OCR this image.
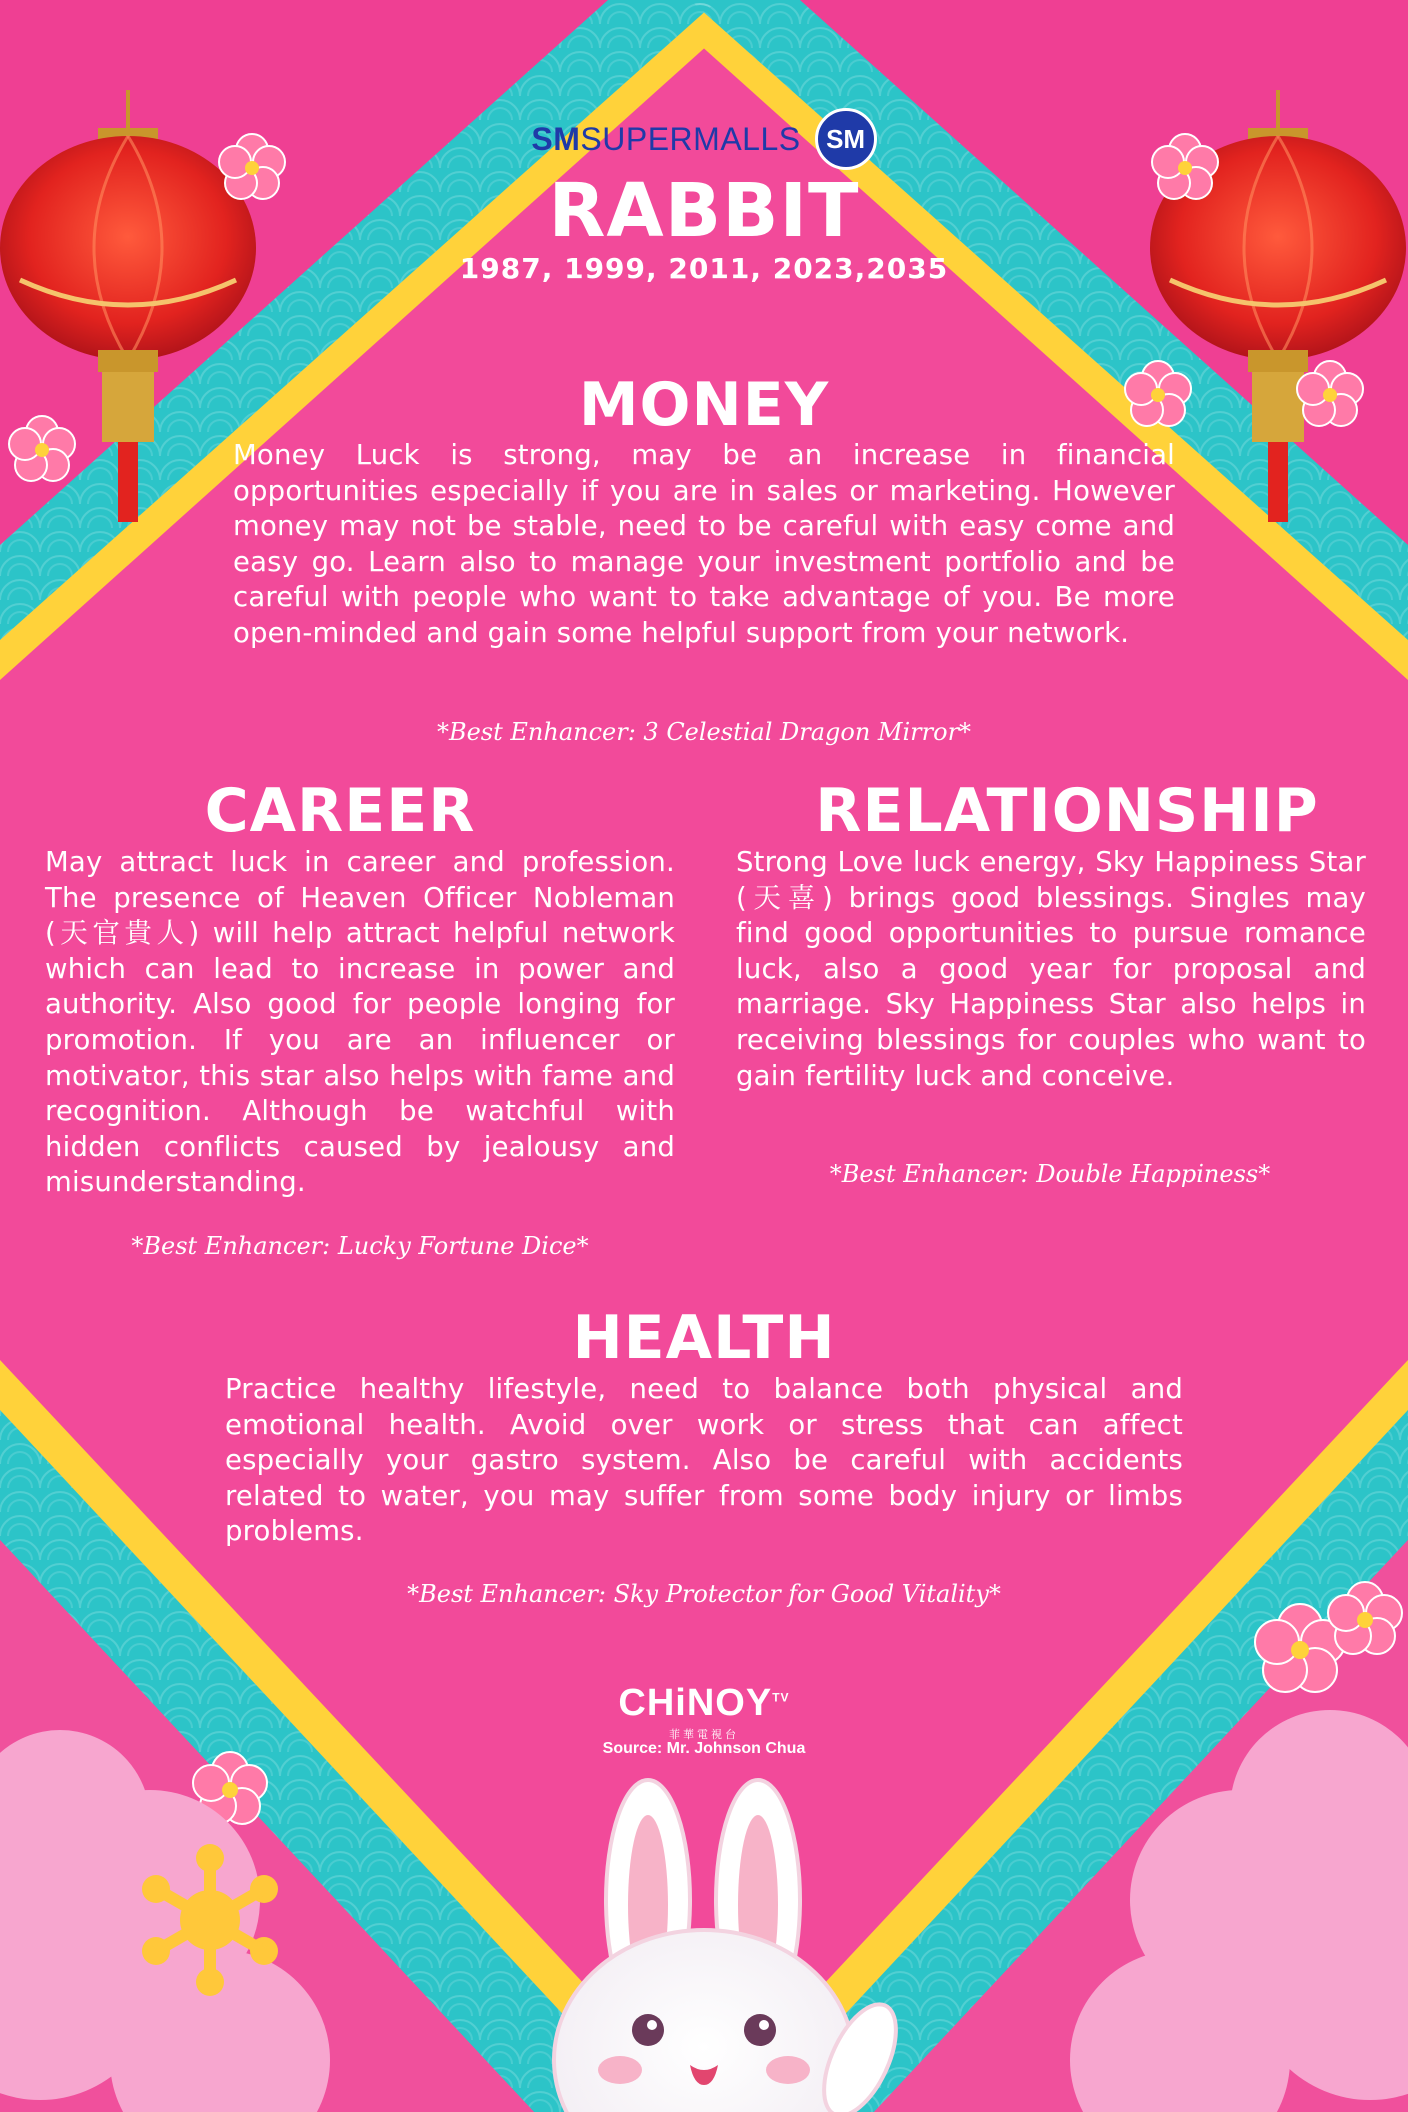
SMSUPERMALLS SM
RABBIT
1987, 1999, 2011, 2023,2035
MONEY
Money Luck is strong, may be an increase in financial opportunities especially if you are in sales or marketing. However money may not be stable, need to be careful with easy come and easy go. Learn also to manage your investment portfolio and be careful with people who want to take advantage of you. Be more open-minded and gain some helpful support from your network.
*Best Enhancer: 3 Celestial Dragon Mirror*
CAREER
May attract luck in career and profession. The presence of Heaven Officer Nobleman (天官貴人) will help attract helpful network which can lead to increase in power and authority. Also good for people longing for promotion. If you are an influencer or motivator, this star also helps with fame and recognition. Although be watchful with hidden conflicts caused by jealousy and misunderstanding.
*Best Enhancer: Lucky Fortune Dice*
RELATIONSHIP
Strong Love luck energy, Sky Happiness Star (天喜) brings good blessings. Singles may find good opportunities to pursue romance luck, also a good year for proposal and marriage. Sky Happiness Star also helps in receiving blessings for couples who want to gain fertility luck and conceive.
*Best Enhancer: Double Happiness*
HEALTH
Practice healthy lifestyle, need to balance both physical and emotional health. Avoid over work or stress that can affect especially your gastro system. Also be careful with accidents related to water, you may suffer from some body injury or limbs problems.
*Best Enhancer: Sky Protector for Good Vitality*
CHiNOY$^{TV}$
菲華電視台
Source: Mr. Johnson Chua
